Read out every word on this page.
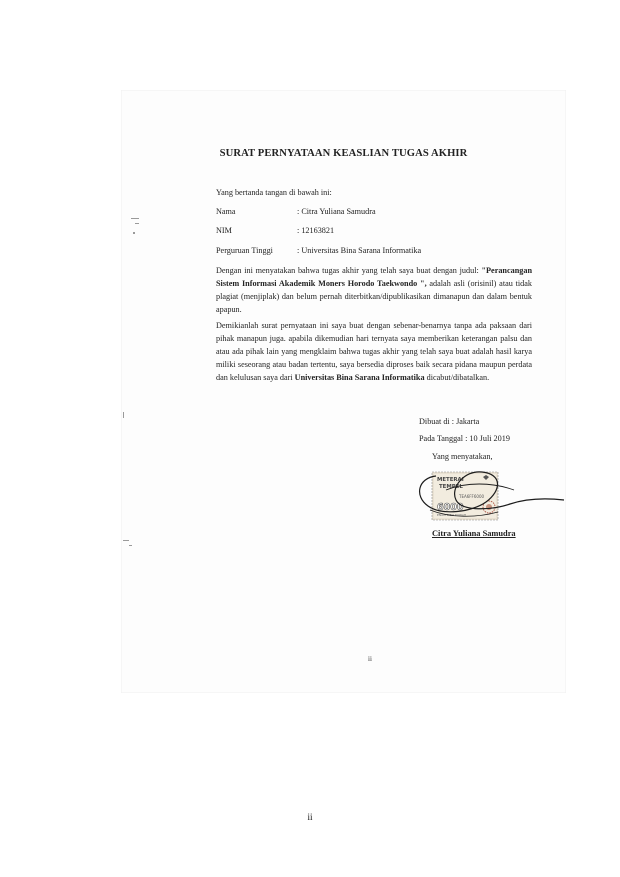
SURAT PERNYATAAN KEASLIAN TUGAS AKHIR
Yang bertanda tangan di bawah ini:
Nama	: Citra Yuliana Samudra
NIM	: 12163821
Perguruan Tinggi	: Universitas Bina Sarana Informatika
Dengan ini menyatakan bahwa tugas akhir yang telah saya buat dengan judul: "Perancangan Sistem Informasi Akademik Moners Horodo Taekwondo ", adalah asli (orisinil) atau tidak plagiat (menjiplak) dan belum pernah diterbitkan/dipublikasikan dimanapun dan dalam bentuk apapun.
Demikianlah surat pernyataan ini saya buat dengan sebenar-benarnya tanpa ada paksaan dari pihak manapun juga. apabila dikemudian hari ternyata saya memberikan keterangan palsu dan atau ada pihak lain yang mengklaim bahwa tugas akhir yang telah saya buat adalah hasil karya miliki seseorang atau badan tertentu, saya bersedia diproses baik secara pidana maupun perdata dan kelulusan saya dari Universitas Bina Sarana Informatika dicabut/dibatalkan.
Dibuat di : Jakarta
Pada Tanggal : 10 Juli 2019
Yang menyatakan,
METERAI
TEMPEL
TEA6FF6000
6000
ENAM RIBU RUPIAH
Citra Yuliana Samudra
ii
ii
